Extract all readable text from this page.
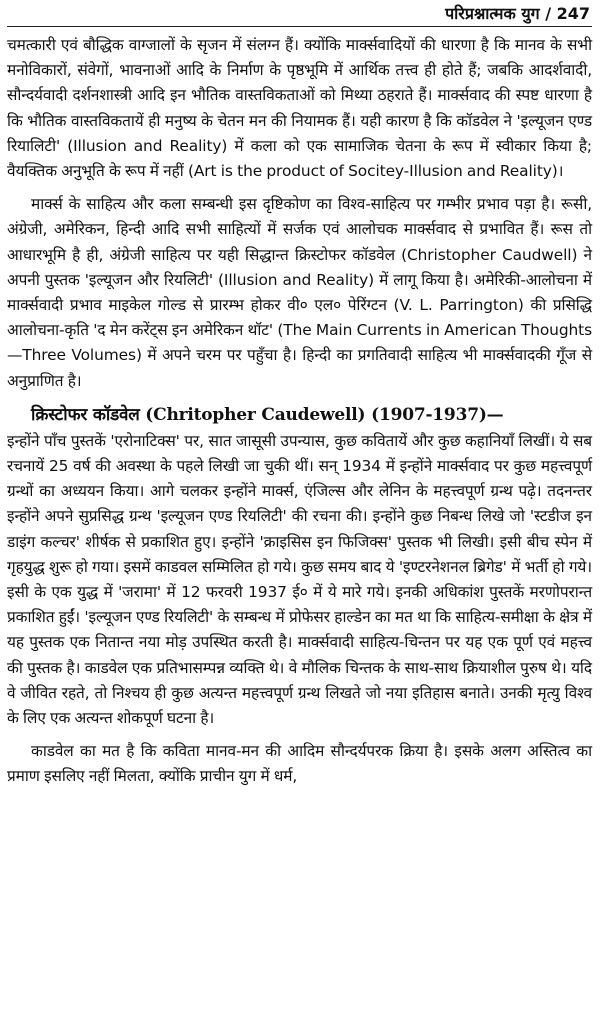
परिप्रश्नात्मक युग
/ 247

चमत्कारी एवं बौद्धिक वाग्जालों के सृजन में संलग्न हैं। क्योंकि मार्क्सवादियों की धारणा है कि मानव के सभी मनोविकारों, संवेगों, भावनाओं आदि के निर्माण के पृष्ठभूमि में आर्थिक तत्त्व ही होते हैं; जबकि आदर्शवादी, सौन्दर्यवादी दर्शनशास्त्री आदि इन भौतिक वास्तविकताओं को मिथ्या ठहराते हैं। मार्क्सवाद की स्पष्ट धारणा है कि भौतिक वास्तविकतायें ही मनुष्य के चेतन मन की नियामक हैं। यही कारण है कि कॉडवेल ने 'इल्यूजन एण्ड रियालिटी' (Illusion and Reality) में कला को एक सामाजिक चेतना के रूप में स्वीकार किया है; वैयक्तिक अनुभूति के रूप में नहीं (Art is the product of Socitey-Illusion and Reality)।

मार्क्स के साहित्य और कला सम्बन्धी इस दृष्टिकोण का विश्व-साहित्य पर गम्भीर प्रभाव पड़ा है। रूसी, अंग्रेजी, अमेरिकन, हिन्दी आदि सभी साहित्यों में सर्जक एवं आलोचक मार्क्सवाद से प्रभावित हैं। रूस तो आधारभूमि है ही, अंग्रेजी साहित्य पर यही सिद्धान्त क्रिस्टोफर कॉडवेल (Christopher Caudwell) ने अपनी पुस्तक 'इल्यूजन और रियलिटी' (Illusion and Reality) में लागू किया है। अमेरिकी-आलोचना में मार्क्सवादी प्रभाव माइकेल गोल्ड से प्रारम्भ होकर वी० एल० पेरिंग्टन (V. L. Parrington) की प्रसिद्धि आलोचना-कृति 'द मेन करेंट्स इन अमेरिकन थॉट' (The Main Currents in American Thoughts—Three Volumes) में अपने चरम पर पहुँचा है। हिन्दी का प्रगतिवादी साहित्य भी मार्क्सवादकी गूँज से अनुप्राणित है।

क्रिस्टोफर कॉडवेल (Chritopher Caudewell) (1907-1937)—

इन्होंने पाँच पुस्तकें 'एरोनाटिक्स' पर, सात जासूसी उपन्यास, कुछ कवितायें और कुछ कहानियाँ लिखीं। ये सब रचनायें 25 वर्ष की अवस्था के पहले लिखी जा चुकी थीं। सन् 1934 में इन्होंने मार्क्सवाद पर कुछ महत्त्वपूर्ण ग्रन्थों का अध्ययन किया। आगे चलकर इन्होंने मार्क्स, एंजिल्स और लेनिन के महत्त्वपूर्ण ग्रन्थ पढ़े। तदनन्तर इन्होंने अपने सुप्रसिद्ध ग्रन्थ 'इल्यूजन एण्ड रियलिटी' की रचना की। इन्होंने कुछ निबन्ध लिखे जो 'स्टडीज इन डाइंग कल्चर' शीर्षक से प्रकाशित हुए। इन्होंने 'क्राइसिस इन फिजिक्स' पुस्तक भी लिखी। इसी बीच स्पेन में गृहयुद्ध शुरू हो गया। इसमें काडवल सम्मिलित हो गये। कुछ समय बाद ये 'इण्टरनेशनल ब्रिगेड' में भर्ती हो गये। इसी के एक युद्ध में 'जरामा' में 12 फरवरी 1937 ई० में ये मारे गये। इनकी अधिकांश पुस्तकें मरणोपरान्त प्रकाशित हुईं। 'इल्यूजन एण्ड रियलिटी' के सम्बन्ध में प्रोफेसर हाल्डेन का मत था कि साहित्य-समीक्षा के क्षेत्र में यह पुस्तक एक नितान्त नया मोड़ उपस्थित करती है। मार्क्सवादी साहित्य-चिन्तन पर यह एक पूर्ण एवं महत्त्व की पुस्तक है। काडवेल एक प्रतिभासम्पन्न व्यक्ति थे। वे मौलिक चिन्तक के साथ-साथ क्रियाशील पुरुष थे। यदि वे जीवित रहते, तो निश्चय ही कुछ अत्यन्त महत्त्वपूर्ण ग्रन्थ लिखते जो नया इतिहास बनाते। उनकी मृत्यु विश्व के लिए एक अत्यन्त शोकपूर्ण घटना है।

काडवेल का मत है कि कविता मानव-मन की आदिम सौन्दर्यपरक क्रिया है। इसके अलग अस्तित्व का प्रमाण इसलिए नहीं मिलता, क्योंकि प्राचीन युग में धर्म,
